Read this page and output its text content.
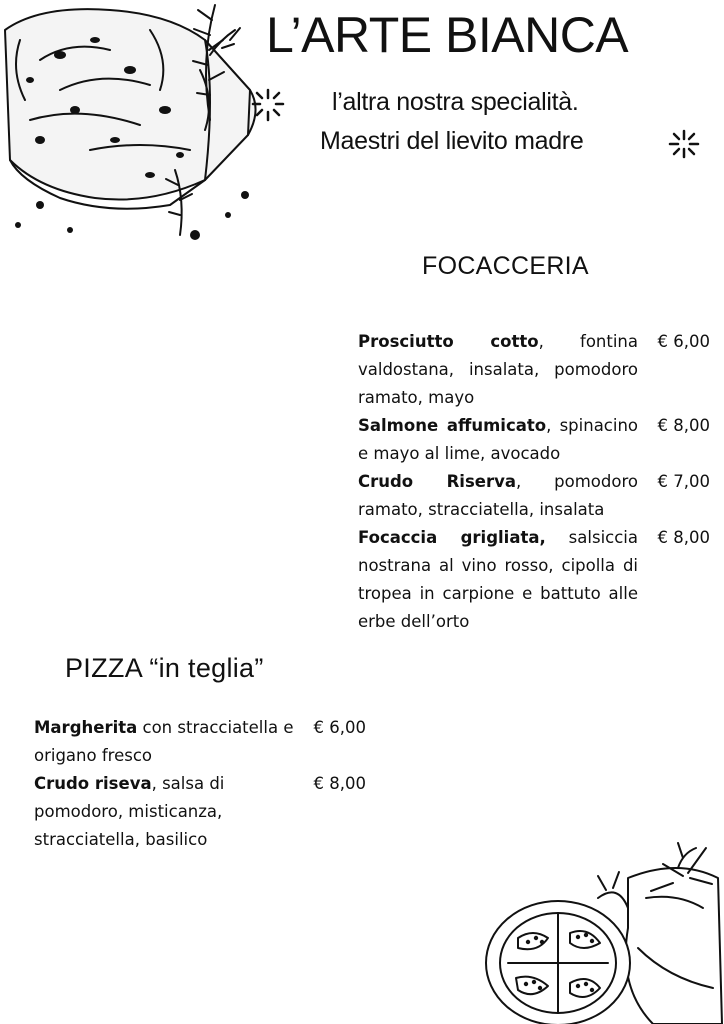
L’ARTE BIANCA
l’altra nostra specialità.
Maestri del lievito madre
FOCACCERIA
Prosciutto cotto, fontina valdostana, insalata, pomodoro ramato, mayo
€ 6,00
Salmone affumicato, spinacino e mayo al lime, avocado
€ 8,00
Crudo Riserva, pomodoro ramato, stracciatella, insalata
€ 7,00
Focaccia grigliata, salsiccia nostrana al vino rosso, cipolla di tropea in carpione e battuto alle erbe dell’orto
€ 8,00
PIZZA “in teglia”
Margherita con stracciatella e origano fresco
€ 6,00
Crudo riseva, salsa di pomodoro, misticanza, stracciatella, basilico
€ 8,00
